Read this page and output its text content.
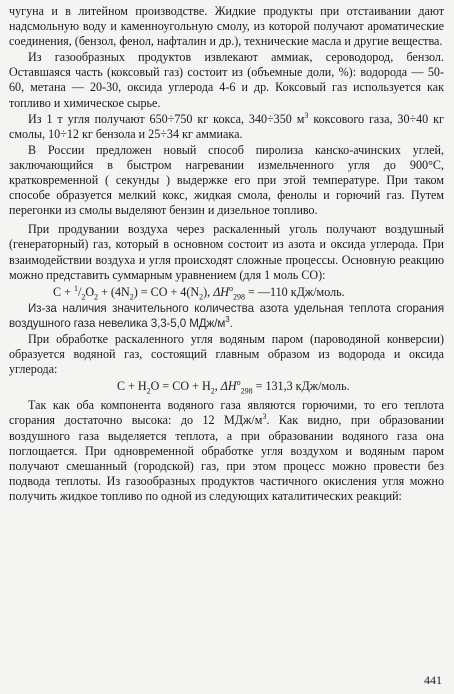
чугуна и в литейном производстве. Жидкие продукты при отстаивании дают надсмольную воду и каменноугольную смолу, из которой получают ароматические соединения, (бензол, фенол, нафталин и др.), технические масла и другие вещества.

Из газообразных продуктов извлекают аммиак, сероводород, бензол. Оставшаяся часть (коксовый газ) состоит из (объемные доли, %): водорода — 50-60, метана — 20-30, оксида углерода 4-6 и др. Коксовый газ используется как топливо и химическое сырье.

Из 1 т угля получают 650÷750 кг кокса, 340÷350 $м^3$ коксового газа, 30÷40 кг смолы, 10÷12 кг бензола и 25÷34 кг аммиака.

В России предложен новый способ пиролиза канско-ачинских углей, заключающийся в быстром нагревании измельченного угля до 900°С, кратковременной ( секунды ) выдержке его при этой температуре. При таком способе образуется мелкий кокс, жидкая смола, фенолы и горючий газ. Путем перегонки из смолы выделяют бензин и дизельное топливо.

При продувании воздуха через раскаленный уголь получают воздушный (генераторный) газ, который в основном состоит из азота и оксида углерода. При взаимодействии воздуха и угля происходят сложные процессы. Основную реакцию можно представить суммарным уравнением (для 1 моль СО):

$C + ^1/_2O_2 + (4N_2)$ = CO + $4(N_2)$, $\Delta H^o_{298}$ = —110 кДж/моль.

Из-за наличия значительного количества азота удельная теплота сгорания воздушного газа невелика 3,3-5,0 МДж/$м^3$.

При обработке раскаленного угля водяным паром (пароводяной конверсии) образуется водяной газ, состоящий главным образом из водорода и оксида углерода:

$C + H_2O$ = CO + $H_2$, $\Delta H^o_{298} = 131,3$ кДж/моль.

Так как оба компонента водяного газа являются горючими, то его теплота сгорания достаточно высока: до 12 МДж/$м^3$. Как видно, при образовании воздушного газа выделяется теплота, а при образовании водяного газа она поглощается. При одновременной обработке угля воздухом и водяным паром получают смешанный (городской) газ, при этом процесс можно провести без подвода теплоты. Из газообразных продуктов частичного окисления угля можно получить жидкое топливо по одной из следующих каталитических реакций:

441
